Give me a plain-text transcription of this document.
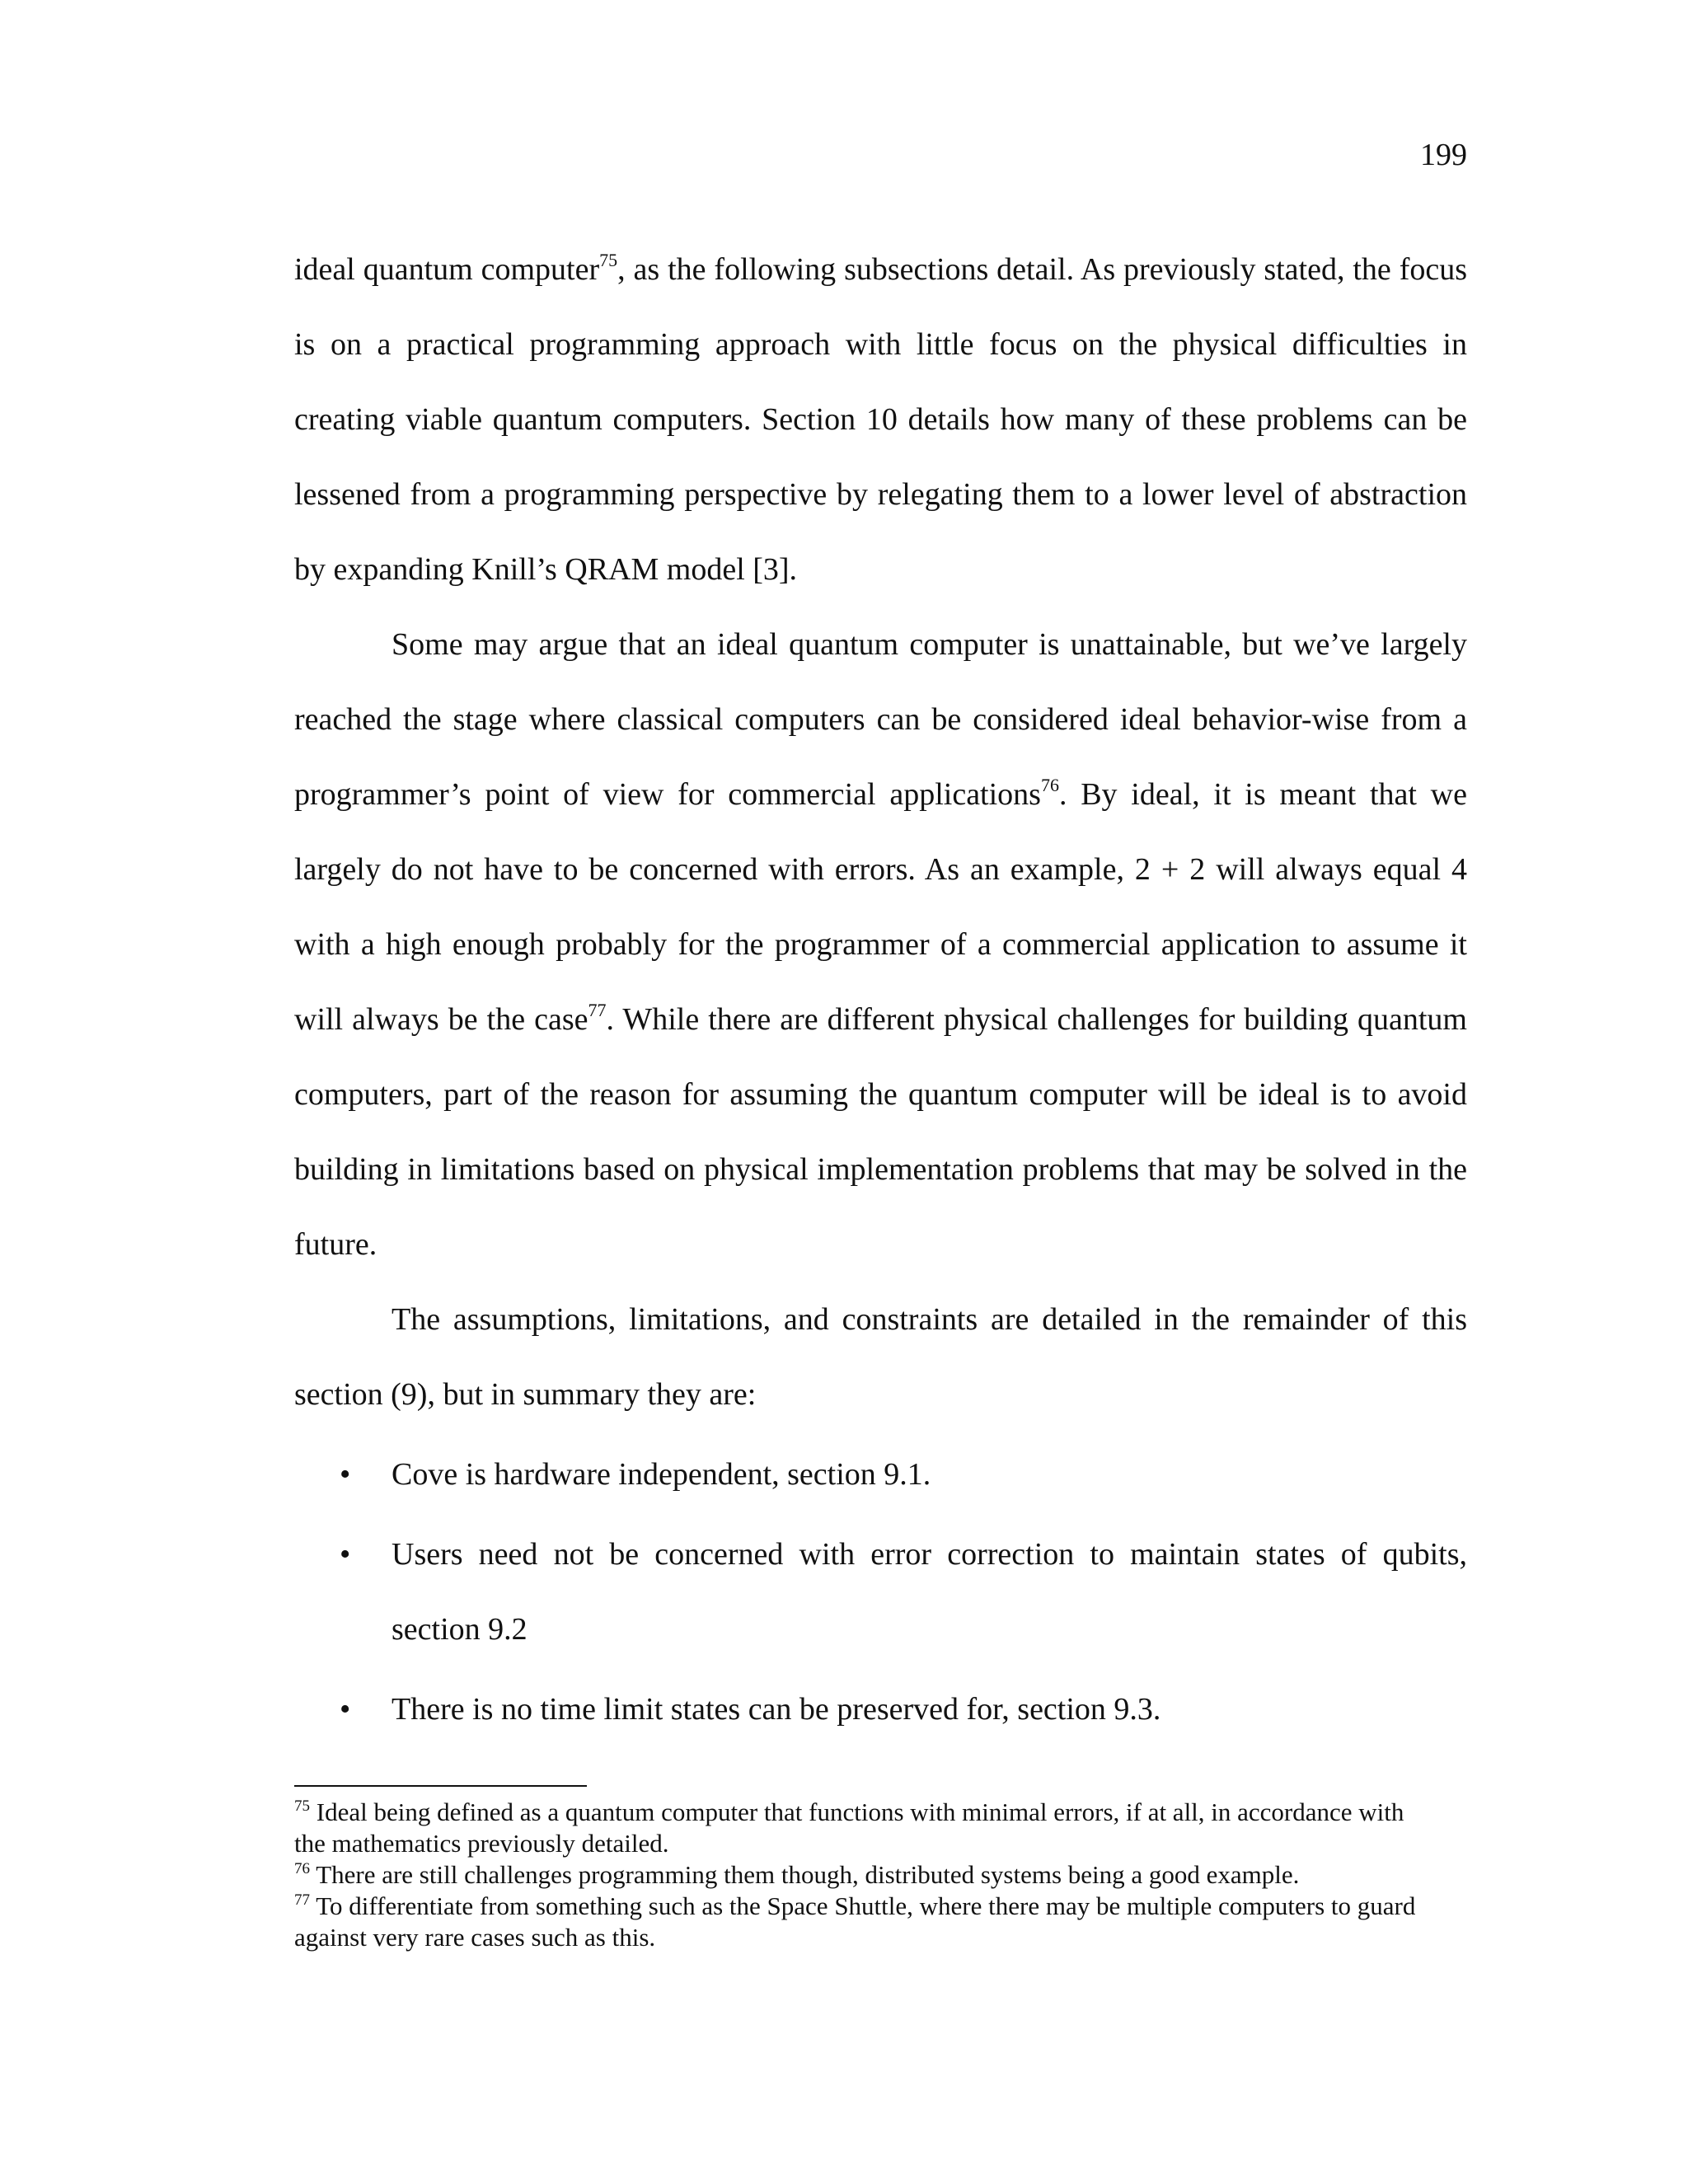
199

ideal quantum computer$^{75}$, as the following subsections detail. As previously stated, the focus is on a practical programming approach with little focus on the physical difficulties in creating viable quantum computers. Section 10 details how many of these problems can be lessened from a programming perspective by relegating them to a lower level of abstraction by expanding Knill’s QRAM model [3].

Some may argue that an ideal quantum computer is unattainable, but we’ve largely reached the stage where classical computers can be considered ideal behavior-wise from a programmer’s point of view for commercial applications$^{76}$. By ideal, it is meant that we largely do not have to be concerned with errors. As an example, 2 + 2 will always equal 4 with a high enough probably for the programmer of a commercial application to assume it will always be the case$^{77}$. While there are different physical challenges for building quantum computers, part of the reason for assuming the quantum computer will be ideal is to avoid building in limitations based on physical implementation problems that may be solved in the future.

The assumptions, limitations, and constraints are detailed in the remainder of this section (9), but in summary they are:

• Cove is hardware independent, section 9.1.
• Users need not be concerned with error correction to maintain states of qubits, section 9.2
• There is no time limit states can be preserved for, section 9.3.

$^{75}$ Ideal being defined as a quantum computer that functions with minimal errors, if at all, in accordance with the mathematics previously detailed.

$^{76}$ There are still challenges programming them though, distributed systems being a good example.

$^{77}$ To differentiate from something such as the Space Shuttle, where there may be multiple computers to guard against very rare cases such as this.
